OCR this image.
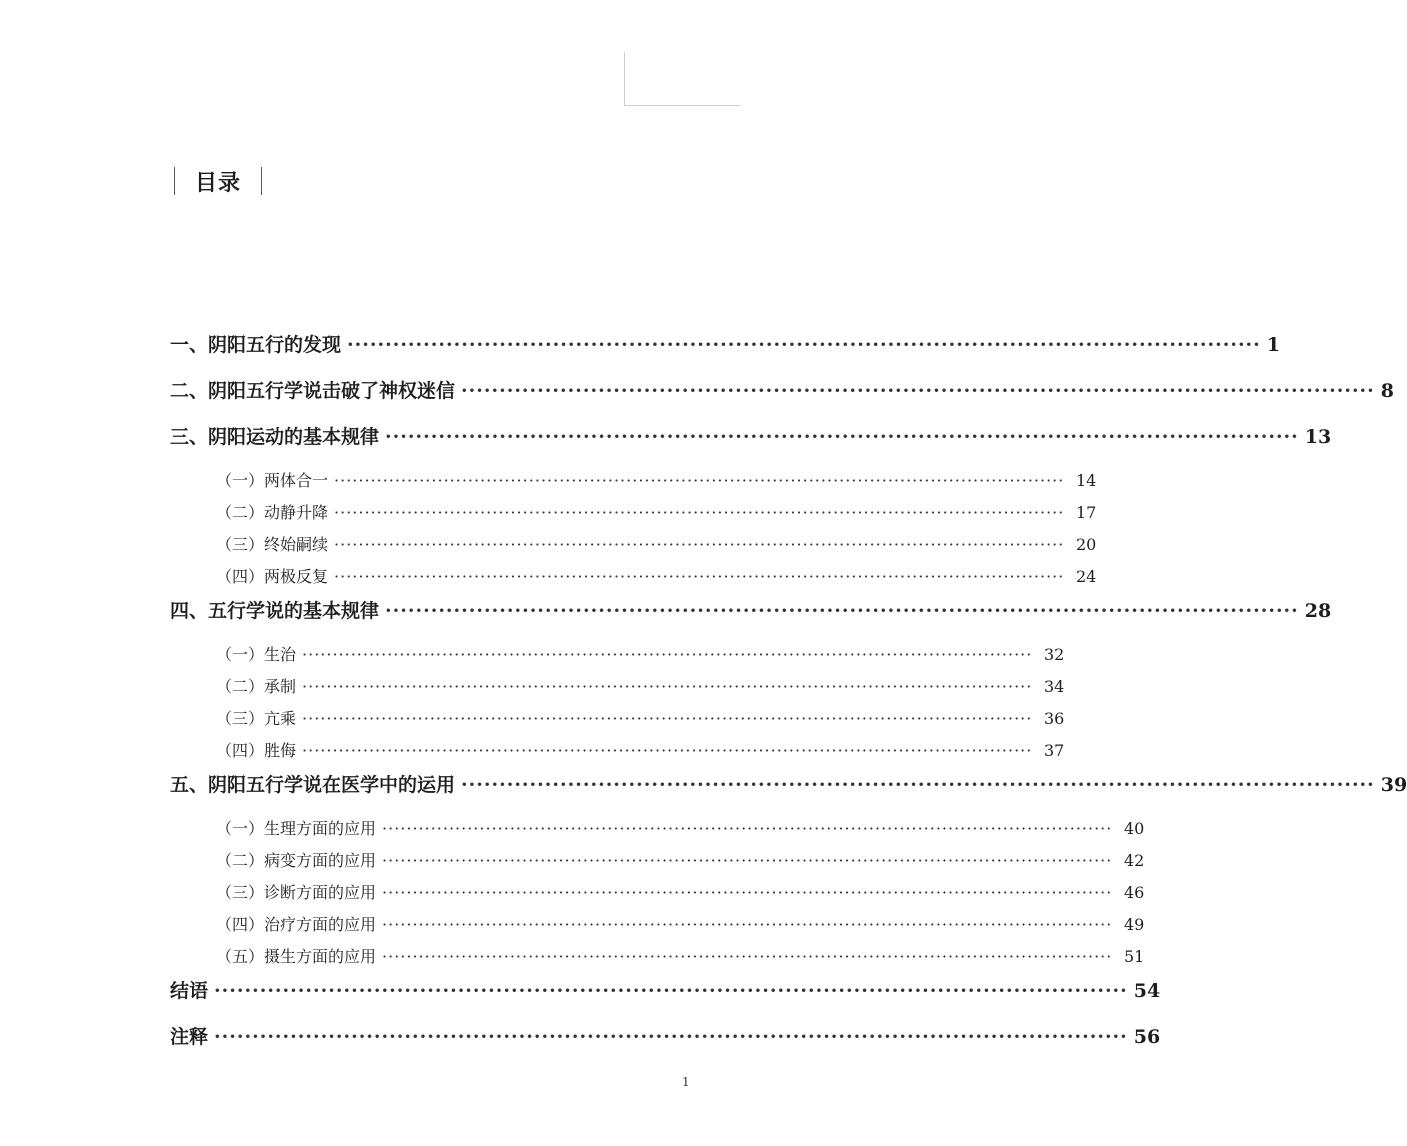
目录
一、阴阳五行的发现 ························································································································ 1
二、阴阳五行学说击破了神权迷信 ························································································································ 8
三、阴阳运动的基本规律 ························································································································ 13
（一）两体合一 ························································································································ 14
（二）动静升降 ························································································································ 17
（三）终始嗣续 ························································································································ 20
（四）两极反复 ························································································································ 24
四、五行学说的基本规律 ························································································································ 28
（一）生治 ························································································································ 32
（二）承制 ························································································································ 34
（三）亢乘 ························································································································ 36
（四）胜侮 ························································································································ 37
五、阴阳五行学说在医学中的运用 ························································································································ 39
（一）生理方面的应用 ························································································································ 40
（二）病变方面的应用 ························································································································ 42
（三）诊断方面的应用 ························································································································ 46
（四）治疗方面的应用 ························································································································ 49
（五）摄生方面的应用 ························································································································ 51
结语 ························································································································ 54
注释 ························································································································ 56
1
